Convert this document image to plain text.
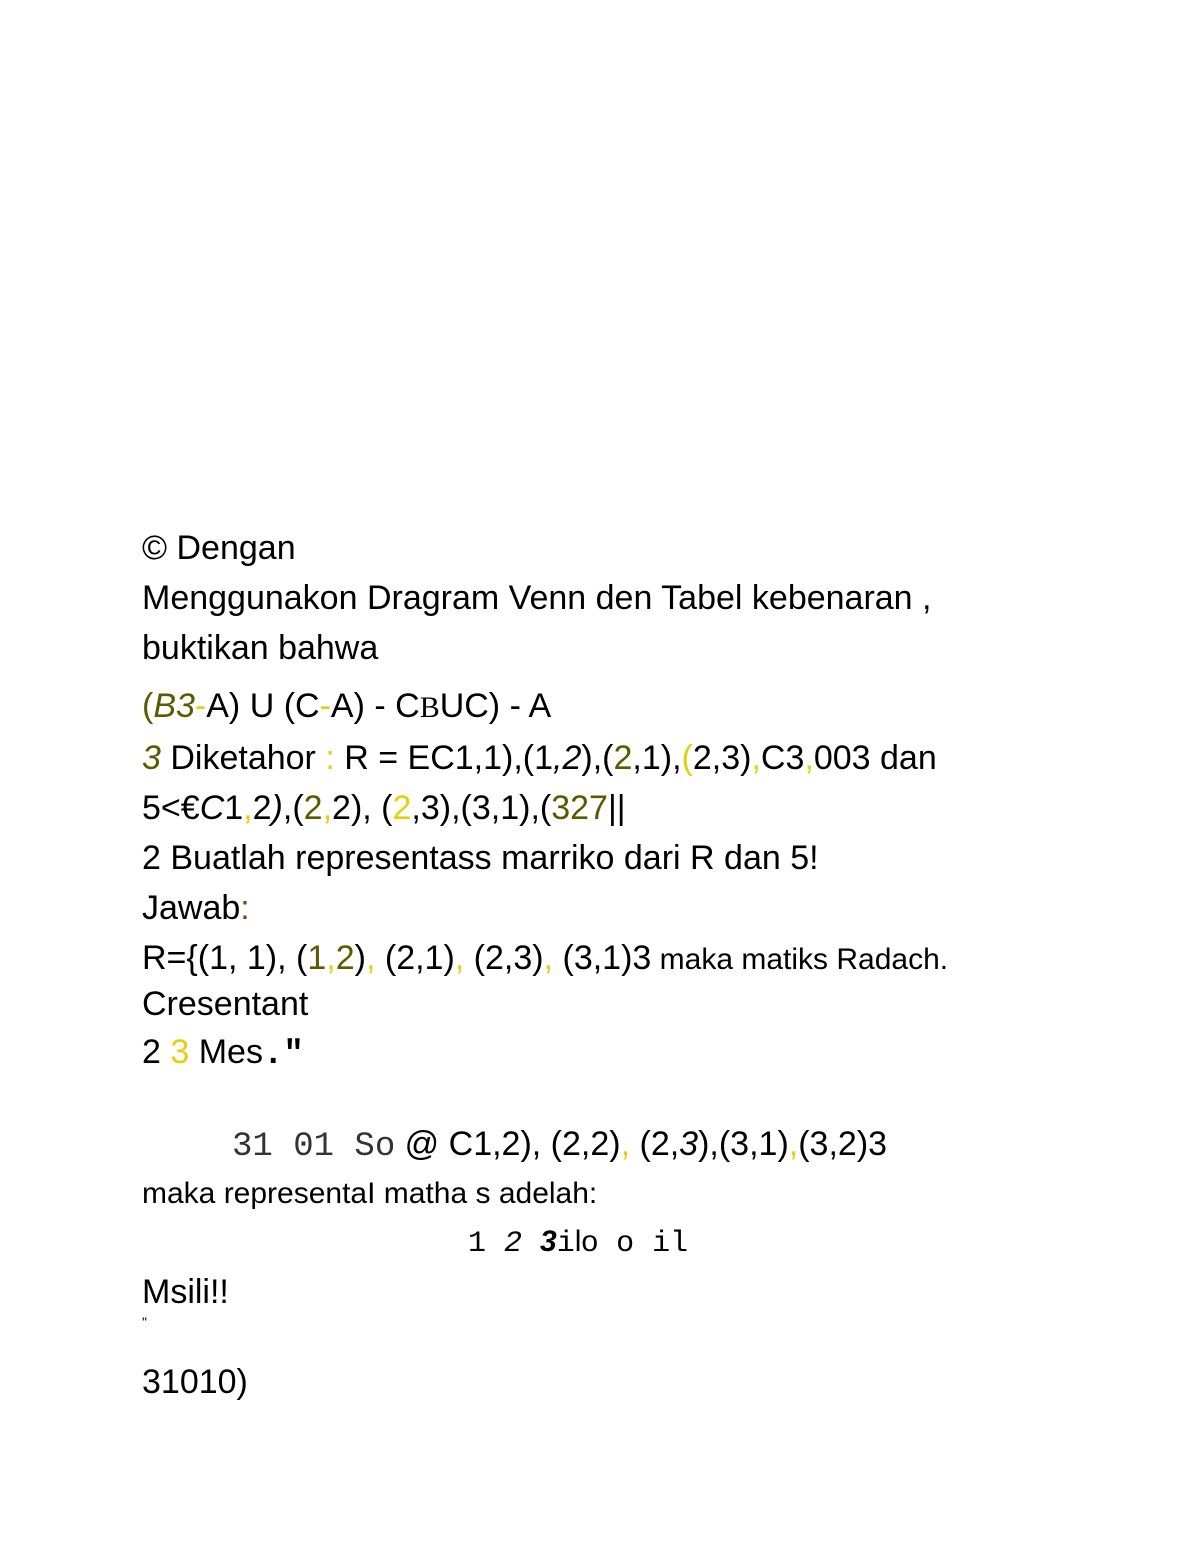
© Dengan
Menggunakon Dragram Venn den Tabel kebenaran ,
buktikan bahwa
(B3-A) U (C-A) - CBUC) - A
3 Diketahor : R = EC1,1),(1,2),(2,1),(2,3),C3,003 dan
5<€C1,2),(2,2), (2,3),(3,1),(327||
2 Buatlah representass marriko dari R dan 5!
Jawab:
R={(1, 1), (1,2), (2,1), (2,3), (3,1)3 maka matiks Radach.
Cresentant
2 3 Mes."
31 01 So @ C1,2), (2,2), (2,3),(3,1),(3,2)3
maka representaI matha s adelah:
1 2 3ilo o il
Msili!!
"
31010)
